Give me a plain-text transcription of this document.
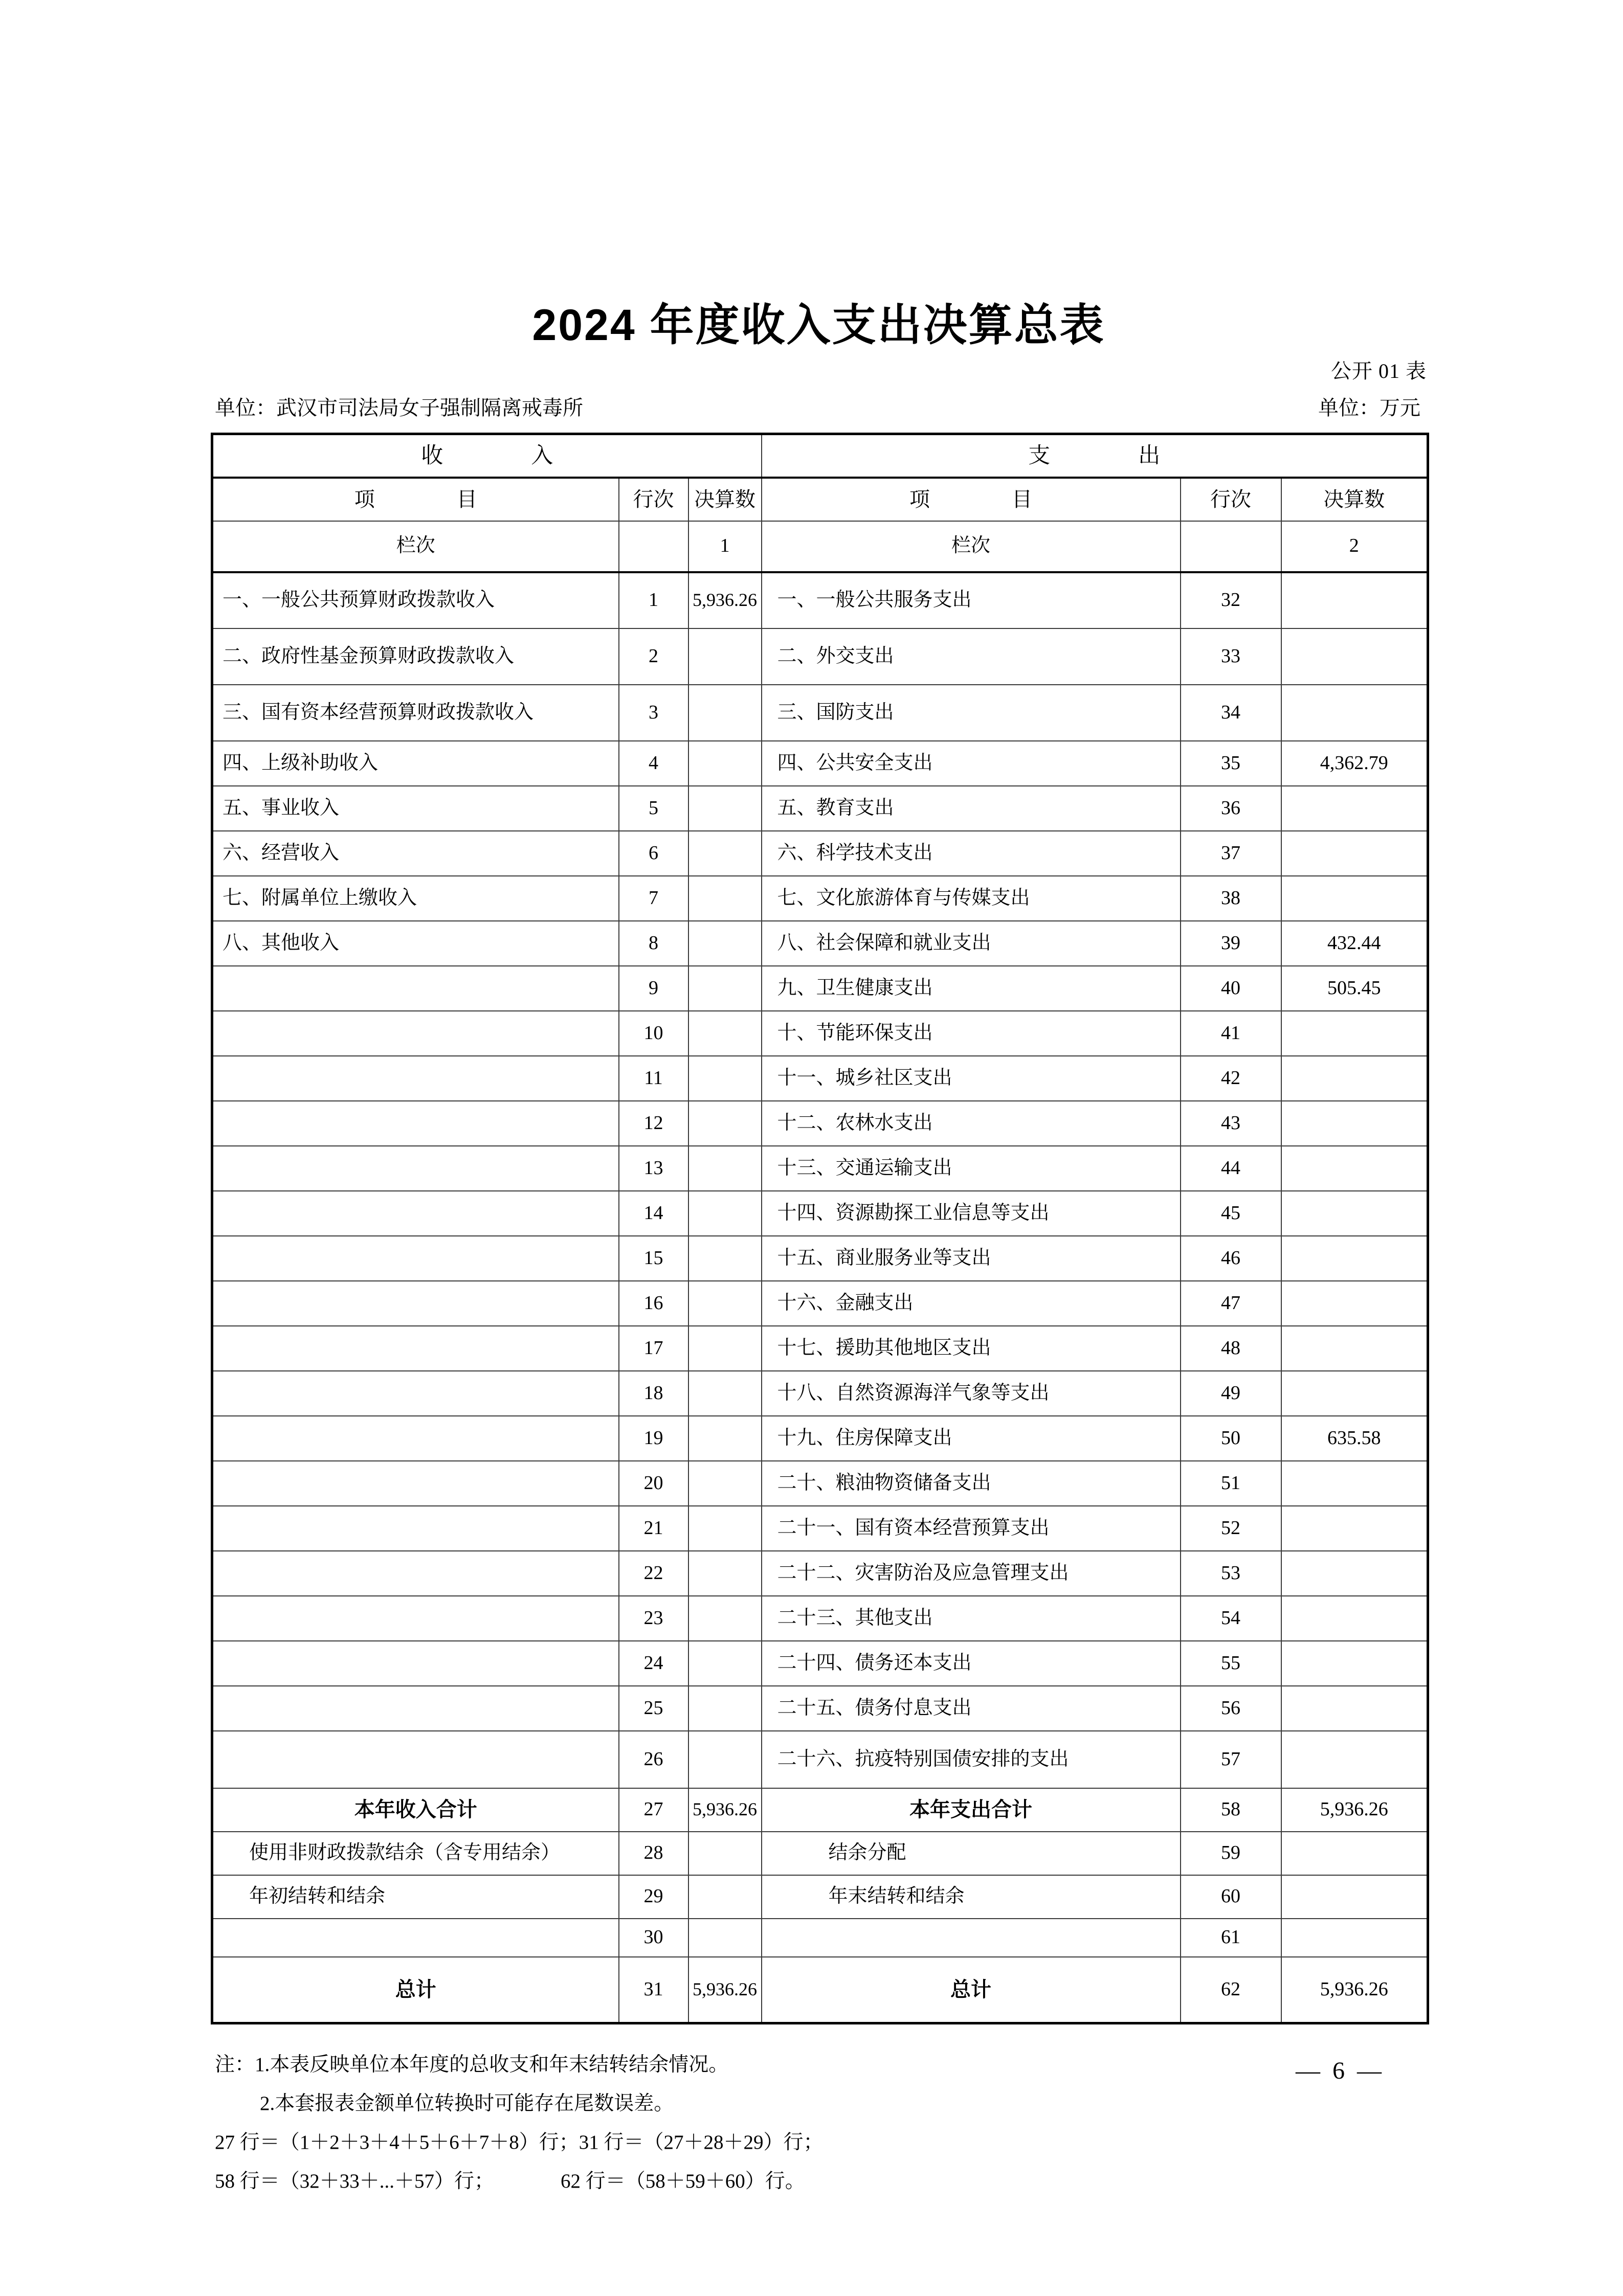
2024 年度收入支出决算总表
公开 01 表
单位：武汉市司法局女子强制隔离戒毒所	单位：万元
收　　　　入			支　　　　出		
项　　　　目	行次	决算数	项　　　　目	行次	决算数
栏次		1	栏次		2
一、一般公共预算财政拨款收入	1	5,936.26	一、一般公共服务支出	32	
二、政府性基金预算财政拨款收入	2		二、外交支出	33	
三、国有资本经营预算财政拨款收入	3		三、国防支出	34	
四、上级补助收入	4		四、公共安全支出	35	4,362.79
五、事业收入	5		五、教育支出	36	
六、经营收入	6		六、科学技术支出	37	
七、附属单位上缴收入	7		七、文化旅游体育与传媒支出	38	
八、其他收入	8		八、社会保障和就业支出	39	432.44
	9		九、卫生健康支出	40	505.45
	10		十、节能环保支出	41	
	11		十一、城乡社区支出	42	
	12		十二、农林水支出	43	
	13		十三、交通运输支出	44	
	14		十四、资源勘探工业信息等支出	45	
	15		十五、商业服务业等支出	46	
	16		十六、金融支出	47	
	17		十七、援助其他地区支出	48	
	18		十八、自然资源海洋气象等支出	49	
	19		十九、住房保障支出	50	635.58
	20		二十、粮油物资储备支出	51	
	21		二十一、国有资本经营预算支出	52	
	22		二十二、灾害防治及应急管理支出	53	
	23		二十三、其他支出	54	
	24		二十四、债务还本支出	55	
	25		二十五、债务付息支出	56	
	26		二十六、抗疫特别国债安排的支出	57	
本年收入合计	27	5,936.26	本年支出合计	58	5,936.26
使用非财政拨款结余（含专用结余）	28		结余分配	59	
年初结转和结余	29		年末结转和结余	60	
	30			61	
总计	31	5,936.26	总计	62	5,936.26
注：1.本表反映单位本年度的总收支和年末结转结余情况。
2.本套报表金额单位转换时可能存在尾数误差。
27 行＝（1＋2＋3＋4＋5＋6＋7＋8）行；31 行＝（27＋28＋29）行；
58 行＝（32＋33＋...＋57）行；	62 行＝（58＋59＋60）行。
— 6 —
